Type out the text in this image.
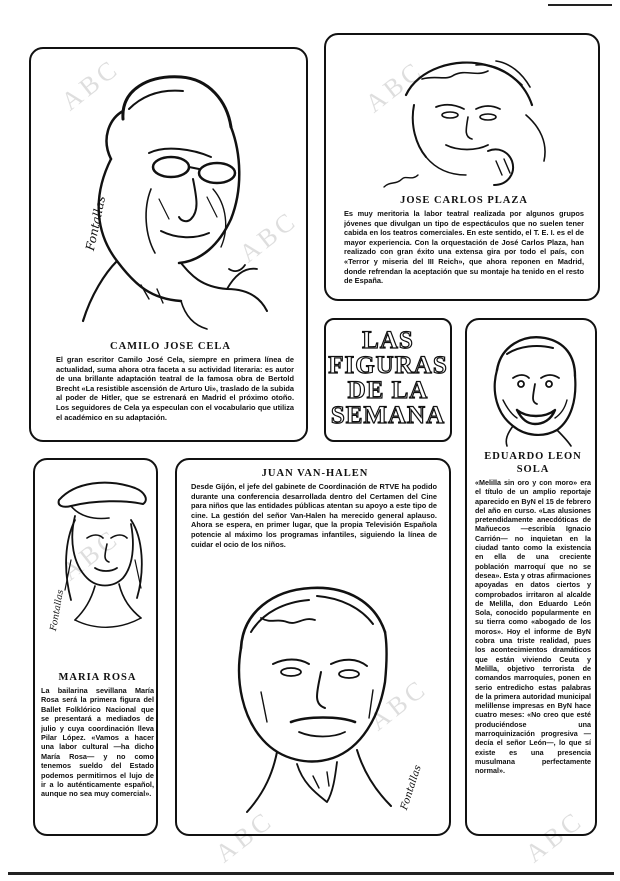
Fontallas
CAMILO JOSE CELA
El gran escritor Camilo José Cela, siempre en primera línea de actualidad, suma ahora otra faceta a su actividad literaria: es autor de una brillante adaptación teatral de la famosa obra de Bertold Brecht «La resistible ascensión de Arturo Ui», traslado de la subida al poder de Hitler, que se estrenará en Madrid el próximo otoño. Los seguidores de Cela ya especulan con el vocabulario que utiliza el académico en su adaptación.
JOSE CARLOS PLAZA
Es muy meritoria la labor teatral realizada por algunos grupos jóvenes que divulgan un tipo de espectáculos que no suelen tener cabida en los teatros comerciales. En este sentido, el T. E. I. es el de mayor experiencia. Con la orquestación de José Carlos Plaza, han realizado con gran éxito una extensa gira por todo el país, con «Terror y miseria del III Reich», que ahora reponen en Madrid, donde refrendan la aceptación que su montaje ha tenido en el resto de España.
LAS
FIGURAS
DE LA
SEMANA
EDUARDO LEON SOLA
«Melilla sin oro y con moro» era el título de un amplio reportaje aparecido en ByN el 15 de febrero del año en curso. «Las alusiones pretendidamente anecdóticas de Mañuecos —escribía Ignacio Carrión— no inquietan en la ciudad tanto como la existencia en ella de una creciente población marroquí que no se desea». Esta y otras afirmaciones apoyadas en datos ciertos y comprobados irritaron al alcalde de Melilla, don Eduardo León Sola, conocido popularmente en su tierra como «abogado de los moros». Hoy el informe de ByN cobra una triste realidad, pues los acontecimientos dramáticos que están viviendo Ceuta y Melilla, objetivo terrorista de comandos marroquíes, ponen en serio entredicho estas palabras de la primera autoridad municipal melillense impresas en ByN hace cuatro meses: «No creo que esté produciéndose una marroquinización progresiva —decía el señor León—, lo que sí existe es una presencia musulmana perfectamente normal».
Fontallas
MARIA ROSA
La bailarina sevillana María Rosa será la primera figura del Ballet Folklórico Nacional que se presentará a mediados de julio y cuya coordinación lleva Pilar López. «Vamos a hacer una labor cultural —ha dicho María Rosa— y no como tenemos sueldo del Estado podemos permitirnos el lujo de ir a lo auténticamente español, aunque no sea muy comercial».
JUAN VAN-HALEN
Desde Gijón, el jefe del gabinete de Coordinación de RTVE ha podido durante una conferencia desarrollada dentro del Certamen del Cine para niños que las entidades públicas atentan su apoyo a este tipo de cine. La gestión del señor Van-Halen ha merecido general aplauso. Ahora se espera, en primer lugar, que la propia Televisión Española potencie al máximo los programas infantiles, siguiendo la línea de cuidar el ocio de los niños.
Fontallas
ABC	ABC
